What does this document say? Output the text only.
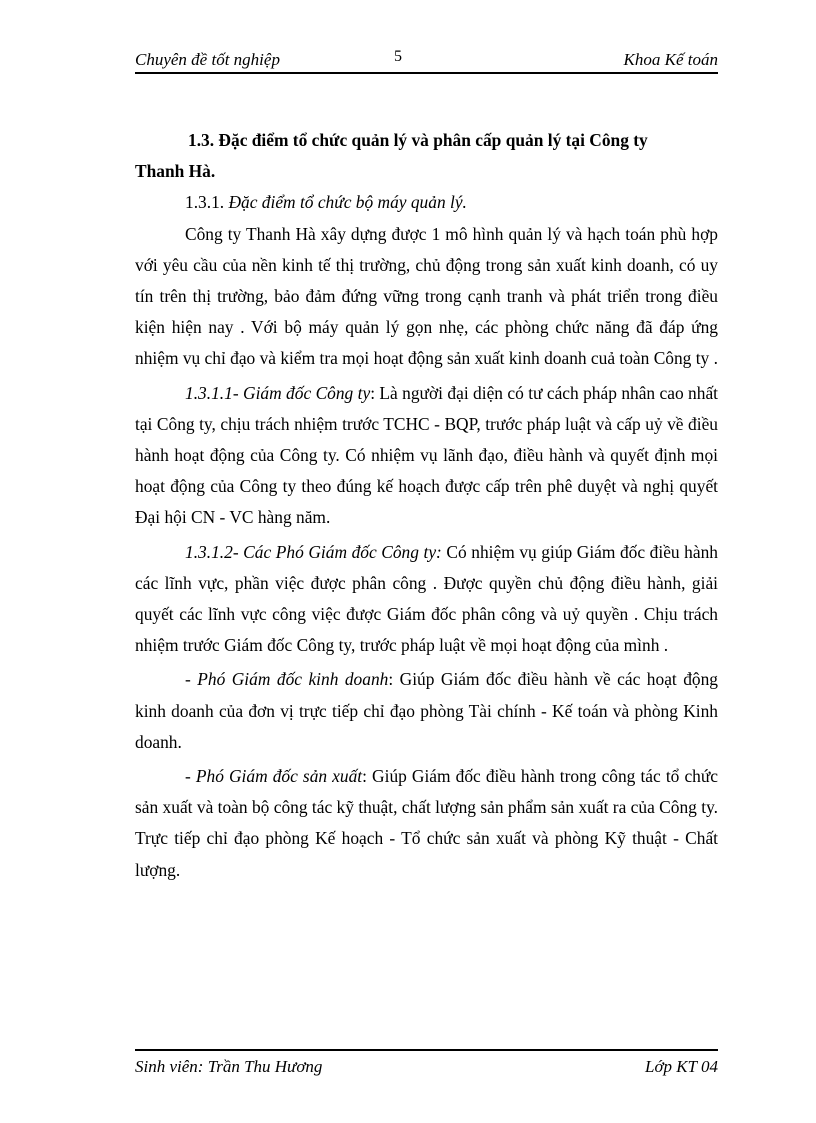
Chuyên đề tốt nghiệp	5	Khoa Kế toán

1.3. Đặc điểm tổ chức quản lý và phân cấp quản lý tại Công ty

Thanh Hà.

1.3.1. Đặc điểm tổ chức bộ máy quản lý.

Công ty Thanh Hà xây dựng được 1 mô hình quản lý và hạch toán phù hợp với yêu cầu của nền kinh tế thị trường, chủ động trong sản xuất kinh doanh, có uy tín trên thị trường, bảo đảm đứng vững trong cạnh tranh và phát triển trong điều kiện hiện nay . Với bộ máy quản lý gọn nhẹ, các phòng chức năng đã đáp ứng nhiệm vụ chỉ đạo và kiểm tra mọi hoạt động sản xuất kinh doanh cuả toàn Công ty .

1.3.1.1- Giám đốc Công ty: Là người đại diện có tư cách pháp nhân cao nhất tại Công ty, chịu trách nhiệm trước TCHC - BQP, trước pháp luật và cấp uỷ về điều hành hoạt động của Công ty. Có nhiệm vụ lãnh đạo, điều hành và quyết định mọi hoạt động của Công ty theo đúng kế hoạch được cấp trên phê duyệt và nghị quyết Đại hội CN - VC hàng năm.

1.3.1.2- Các Phó Giám đốc Công ty: Có nhiệm vụ giúp Giám đốc điều hành các lĩnh vực, phần việc được phân công . Được quyền chủ động điều hành, giải quyết các lĩnh vực công việc được Giám đốc phân công và uỷ quyền . Chịu trách nhiệm trước Giám đốc Công ty, trước pháp luật về mọi hoạt động của mình .

- Phó Giám đốc kinh doanh: Giúp Giám đốc điều hành về các hoạt động kinh doanh của đơn vị trực tiếp chỉ đạo phòng Tài chính - Kế toán và phòng Kinh doanh.

- Phó Giám đốc sản xuất: Giúp Giám đốc điều hành trong công tác tổ chức sản xuất và toàn bộ công tác kỹ thuật, chất lượng sản phẩm sản xuất ra của Công ty. Trực tiếp chỉ đạo phòng Kế hoạch - Tổ chức sản xuất và phòng Kỹ thuật - Chất lượng.

Sinh viên: Trần Thu Hương	Lớp KT 04
